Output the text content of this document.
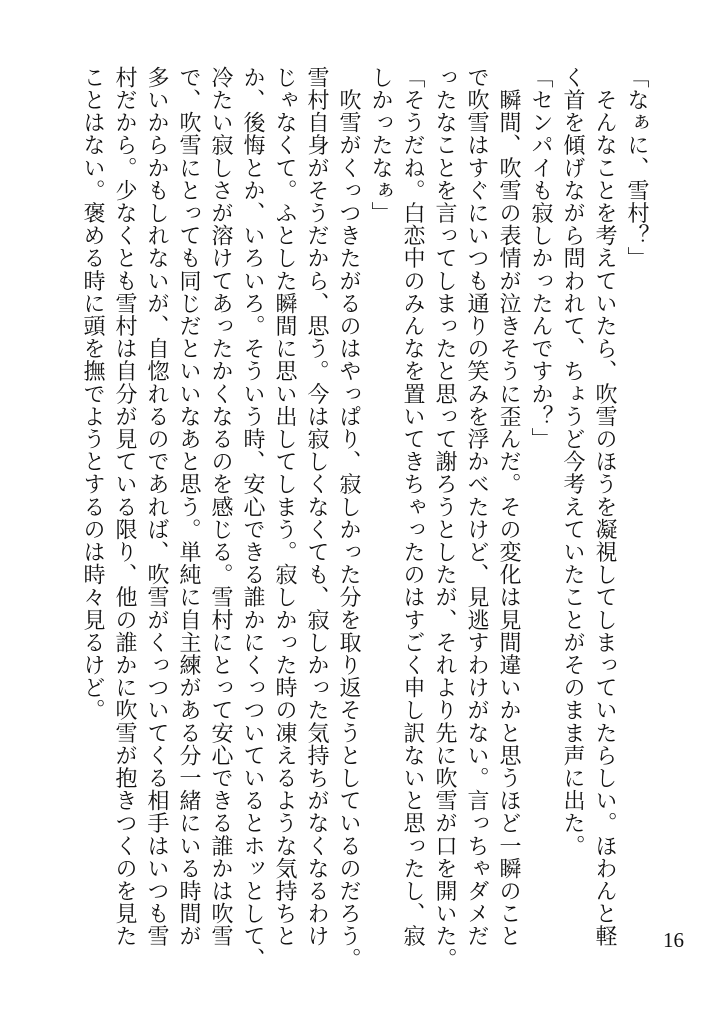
「なぁに、雪村？」
　そんなことを考えていたら、吹雪のほうを凝視してしまっていたらしい。ほわんと軽
く首を傾げながら問われて、ちょうど今考えていたことがそのまま声に出た。
「センパイも寂しかったんですか？」
　瞬間、吹雪の表情が泣きそうに歪んだ。その変化は見間違いかと思うほど一瞬のこと
で吹雪はすぐにいつも通りの笑みを浮かべたけど、見逃すわけがない。言っちゃダメだ
ったなことを言ってしまったと思って謝ろうとしたが、それより先に吹雪が口を開いた。
「そうだね。白恋中のみんなを置いてきちゃったのはすごく申し訳ないと思ったし、寂
しかったなぁ」
　吹雪がくっつきたがるのはやっぱり、寂しかった分を取り返そうとしているのだろう。
雪村自身がそうだから、思う。今は寂しくなくても、寂しかった気持ちがなくなるわけ
じゃなくて。ふとした瞬間に思い出してしまう。寂しかった時の凍えるような気持ちと
か、後悔とか、いろいろ。そういう時、安心できる誰かにくっついているとホッとして、
冷たい寂しさが溶けてあったかくなるのを感じる。雪村にとって安心できる誰かは吹雪
で、吹雪にとっても同じだといいなあと思う。単純に自主練がある分一緒にいる時間が
多いからかもしれないが、自惚れるのであれば、吹雪がくっついてくる相手はいつも雪
村だから。少なくとも雪村は自分が見ている限り、他の誰かに吹雪が抱きつくのを見た
ことはない。褒める時に頭を撫でようとするのは時々見るけど。
16
